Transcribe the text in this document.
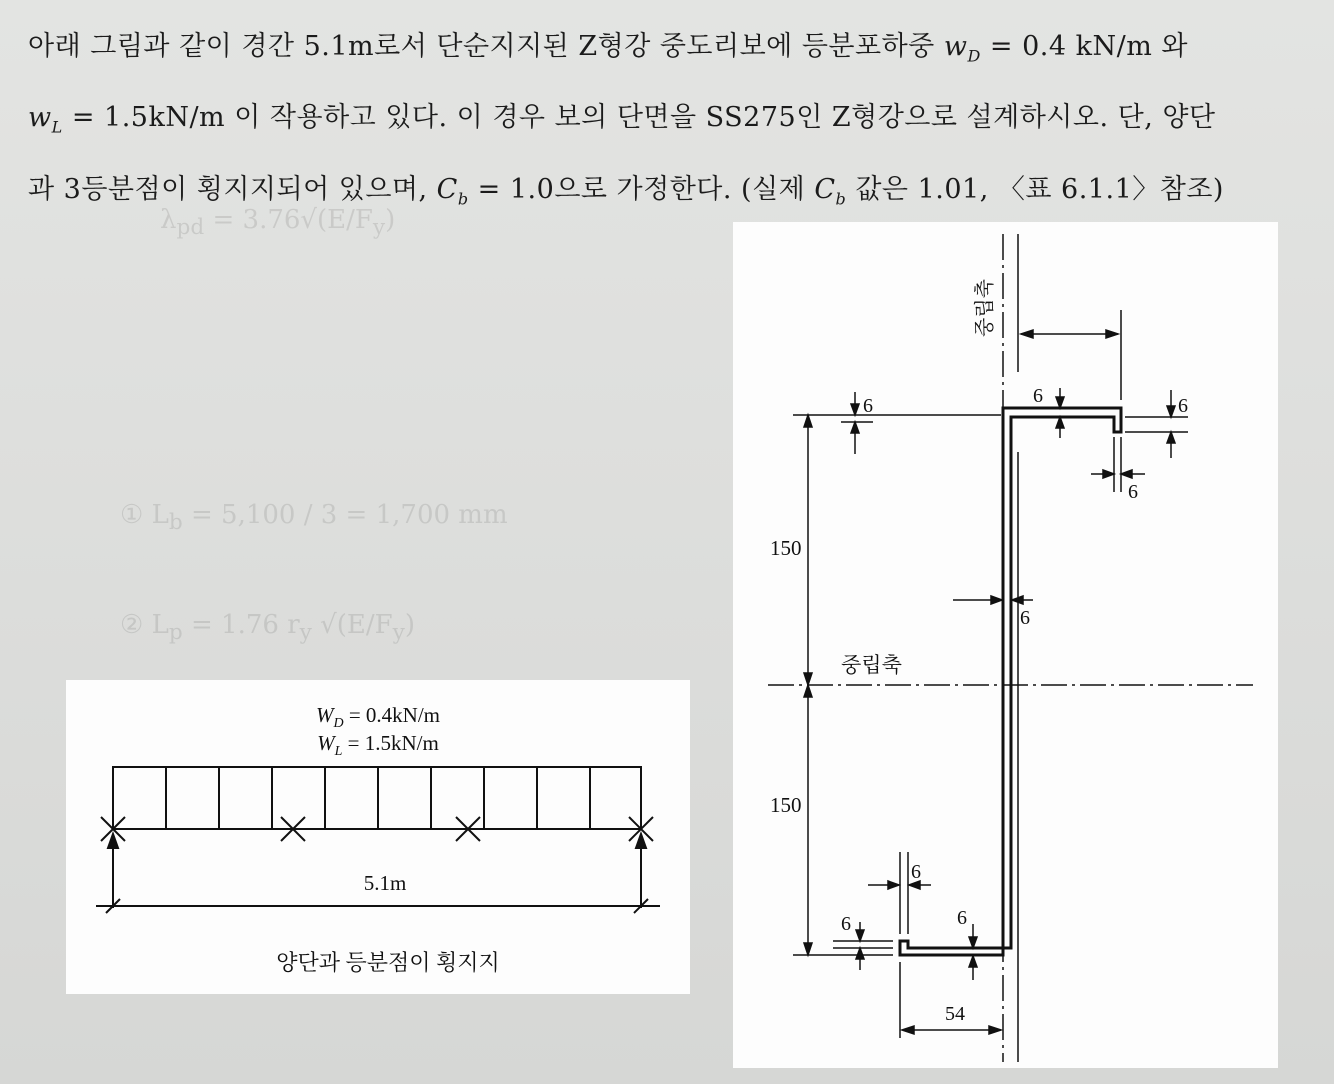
$\lambda_{pd} = 3.76√(E/F_y)$
① $L_b = 5,100 / 3 = 1,700$ mm
② $L_p = 1.76$ $r_y$ $√(E/F_y)$
아래 그림과 같이 경간 5.1m로서 단순지지된 Z형강 중도리보에 등분포하중 $w_D = 0.4$ kN/m 와
$w_L = 1.5kN/m$ 이 작용하고 있다. 이 경우 보의 단면을 SS275인 Z형강으로 설계하시오. 단, 양단
과 3등분점이 횡지지되어 있으며, $C_b = 1.0$으로 가정한다. (실제 $C_b$ 값은 1.01, 〈표 6.1.1〉참조)
$W_D = 0.4kN/m$
$W_L = 1.5kN/m$
5.1m
양단과 등분점이 횡지지
중립축
중립축
150
150
6	6	6
6
6
6
6
6
54
